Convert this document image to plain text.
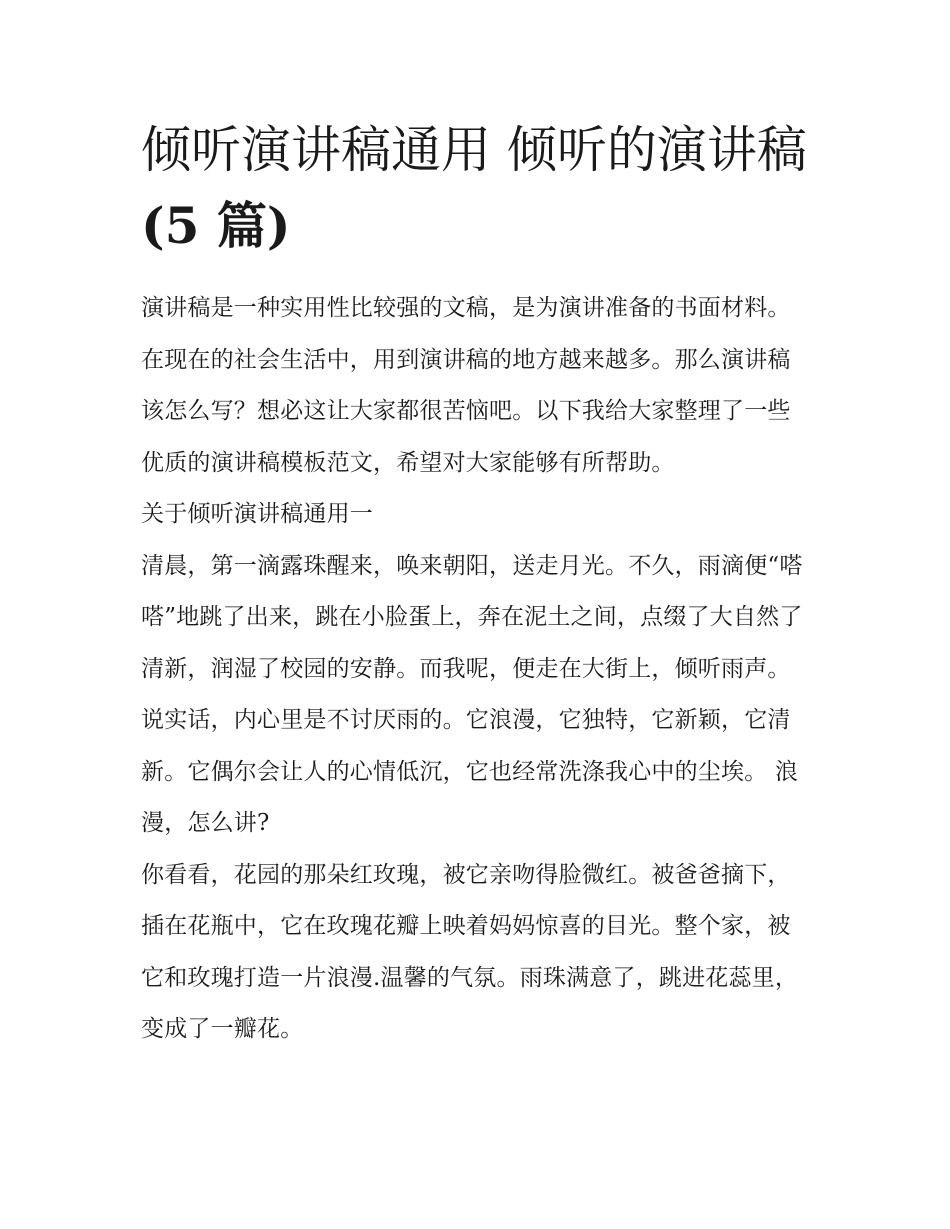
倾听演讲稿通用 倾听的演讲稿
(5 篇)

演讲稿是一种实用性比较强的文稿，是为演讲准备的书面材料。在现在的社会生活中，用到演讲稿的地方越来越多。那么演讲稿该怎么写？想必这让大家都很苦恼吧。以下我给大家整理了一些优质的演讲稿模板范文，希望对大家能够有所帮助。

关于倾听演讲稿通用一

清晨，第一滴露珠醒来，唤来朝阳，送走月光。不久，雨滴便“嗒嗒”地跳了出来，跳在小脸蛋上，奔在泥土之间，点缀了大自然了清新，润湿了校园的安静。而我呢，便走在大街上，倾听雨声。

说实话，内心里是不讨厌雨的。它浪漫，它独特，它新颖，它清新。它偶尔会让人的心情低沉，它也经常洗涤我心中的尘埃。 浪漫，怎么讲?

你看看，花园的那朵红玫瑰，被它亲吻得脸微红。被爸爸摘下，插在花瓶中，它在玫瑰花瓣上映着妈妈惊喜的目光。整个家，被它和玫瑰打造一片浪漫.温馨的气氛。雨珠满意了，跳进花蕊里，变成了一瓣花。
